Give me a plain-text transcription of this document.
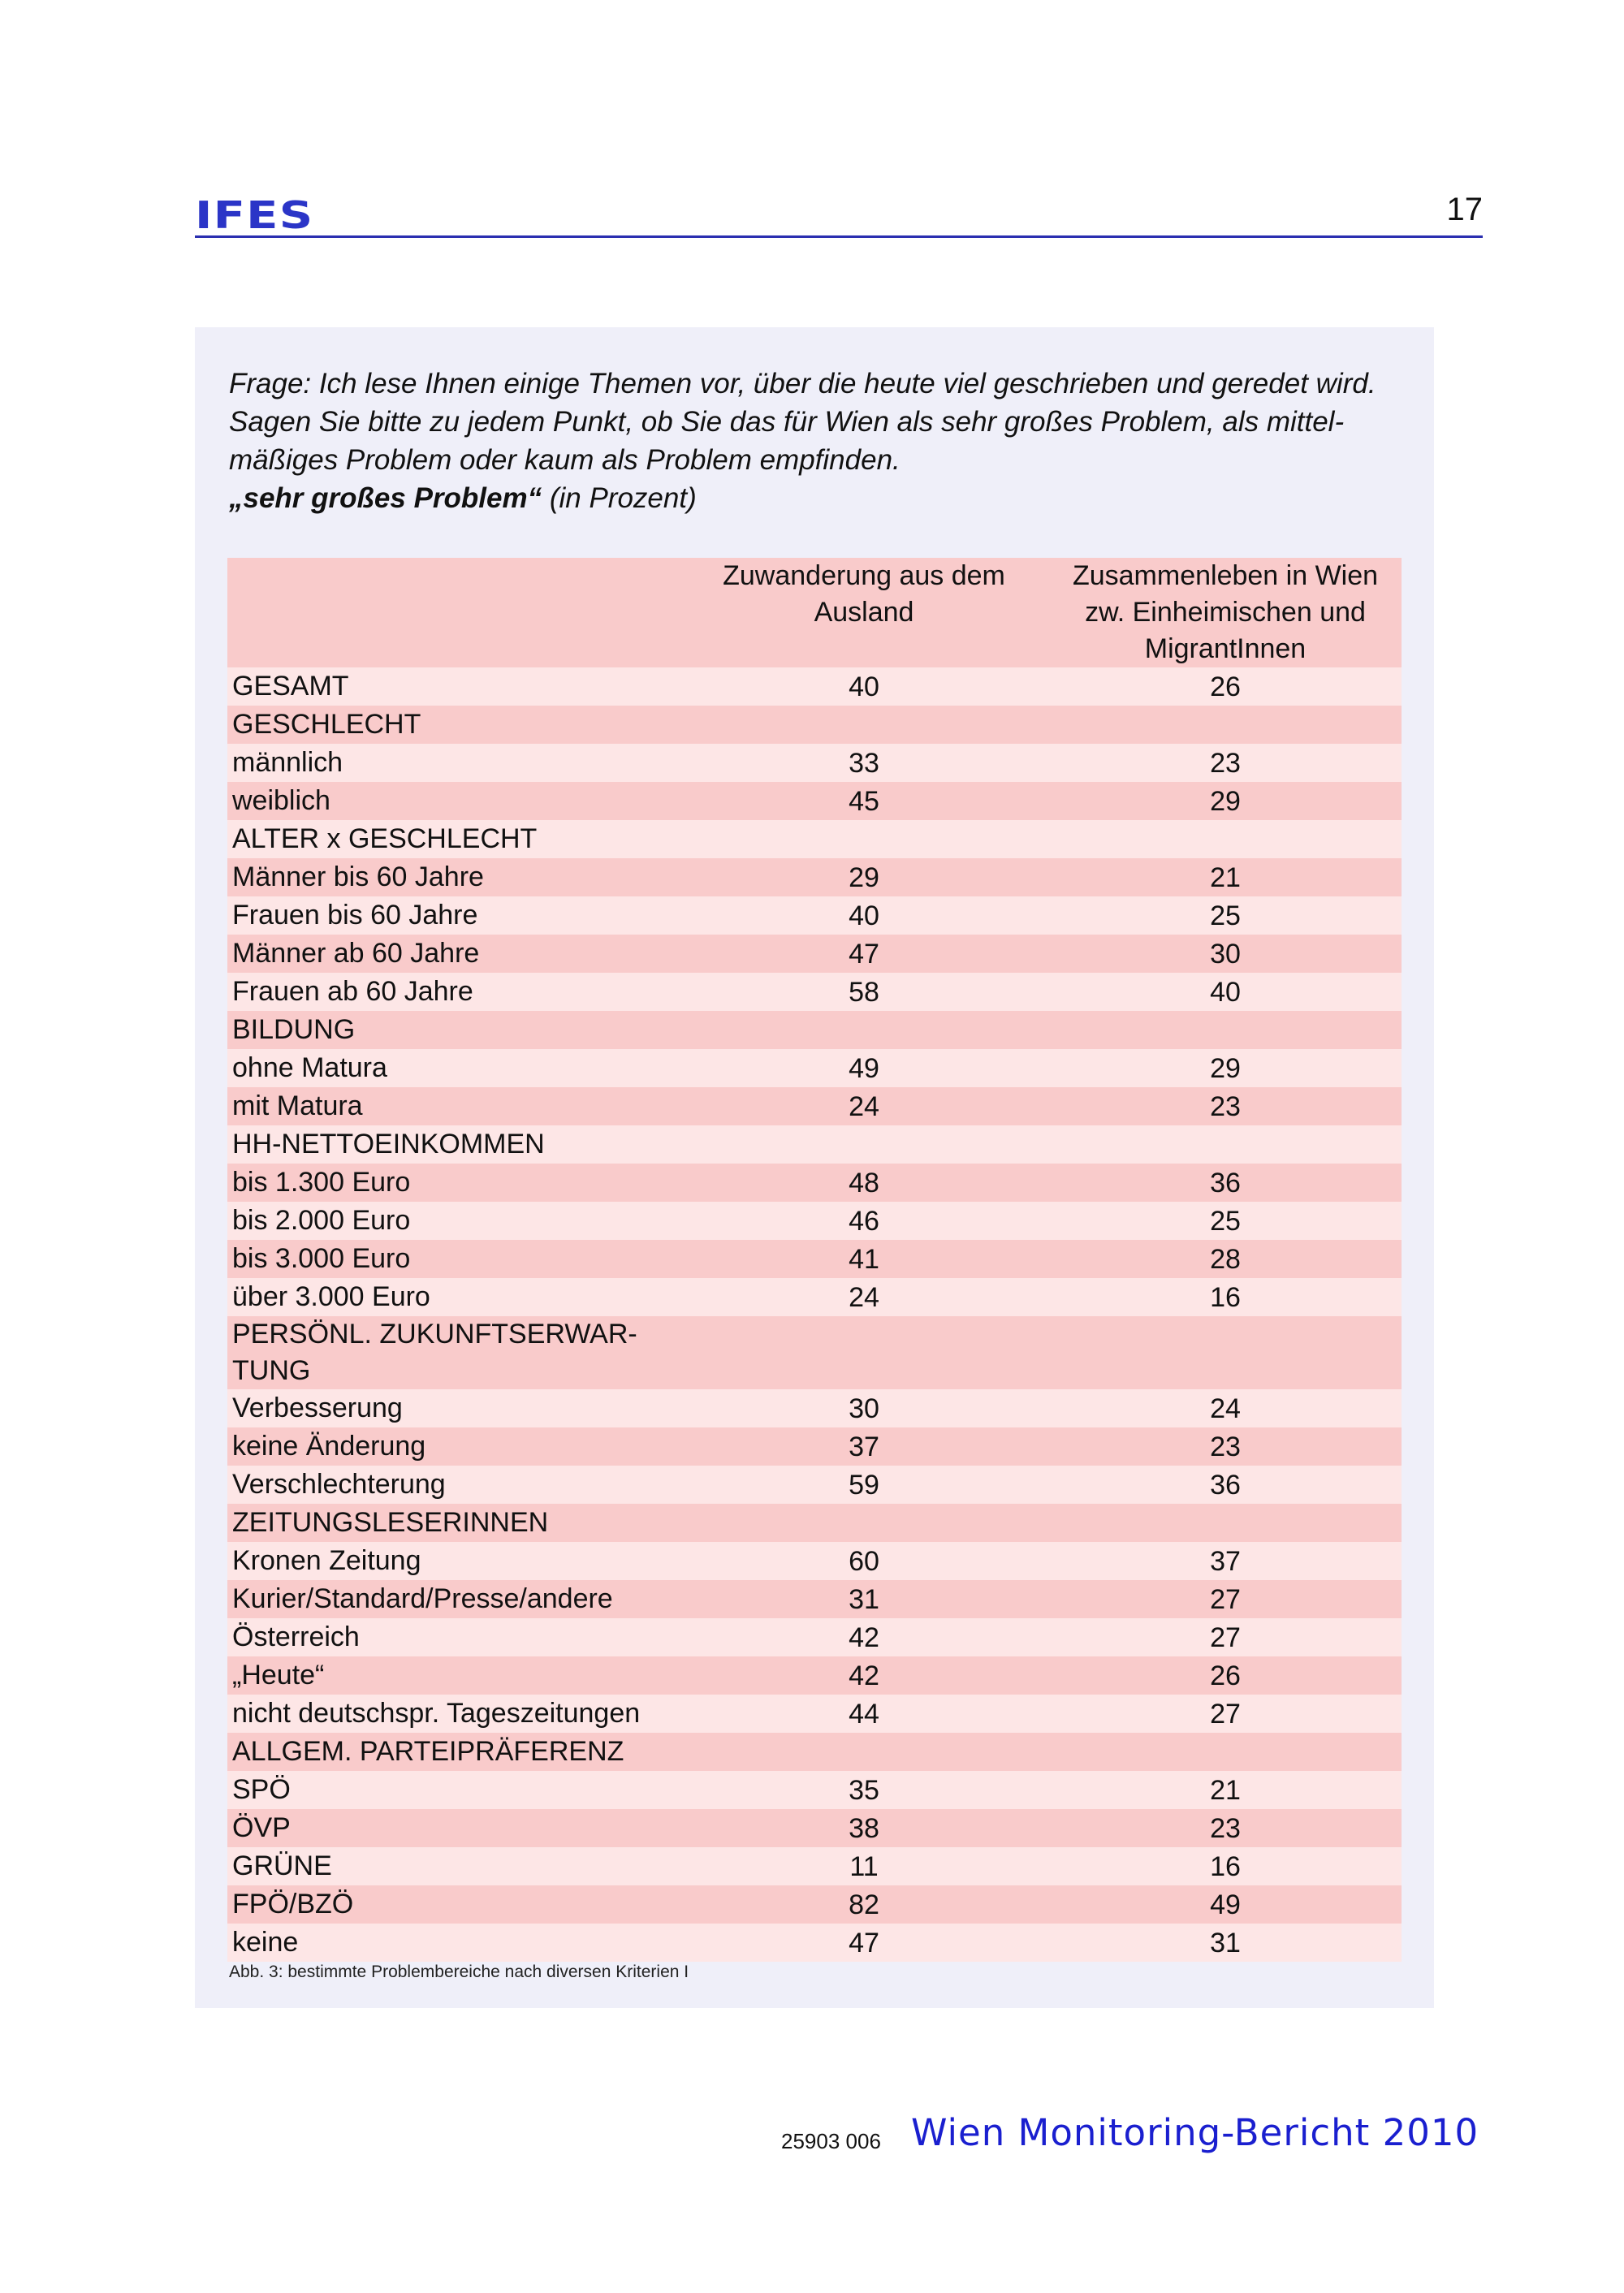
IFES	17
Frage: Ich lese Ihnen einige Themen vor, über die heute viel geschrieben und geredet wird.
Sagen Sie bitte zu jedem Punkt, ob Sie das für Wien als sehr großes Problem, als mittel-
mäßiges Problem oder kaum als Problem empfinden.
„sehr großes Problem“ (in Prozent)
	Zuwanderung aus dem Ausland	Zusammenleben in Wien zw. Einheimischen und MigrantInnen
GESAMT	40	26
GESCHLECHT		
männlich	33	23
weiblich	45	29
ALTER x GESCHLECHT		
Männer bis 60 Jahre	29	21
Frauen bis 60 Jahre	40	25
Männer ab 60 Jahre	47	30
Frauen ab 60 Jahre	58	40
BILDUNG		
ohne Matura	49	29
mit Matura	24	23
HH-NETTOEINKOMMEN		
bis 1.300 Euro	48	36
bis 2.000 Euro	46	25
bis 3.000 Euro	41	28
über 3.000 Euro	24	16
PERSÖNL. ZUKUNFTSERWAR-TUNG		
Verbesserung	30	24
keine Änderung	37	23
Verschlechterung	59	36
ZEITUNGSLESERINNEN		
Kronen Zeitung	60	37
Kurier/Standard/Presse/andere	31	27
Österreich	42	27
„Heute“	42	26
nicht deutschspr. Tageszeitungen	44	27
ALLGEM. PARTEIPRÄFERENZ		
SPÖ	35	21
ÖVP	38	23
GRÜNE	11	16
FPÖ/BZÖ	82	49
keine	47	31
Abb. 3: bestimmte Problembereiche nach diversen Kriterien I
25903 006 Wien Monitoring-Bericht 2010
